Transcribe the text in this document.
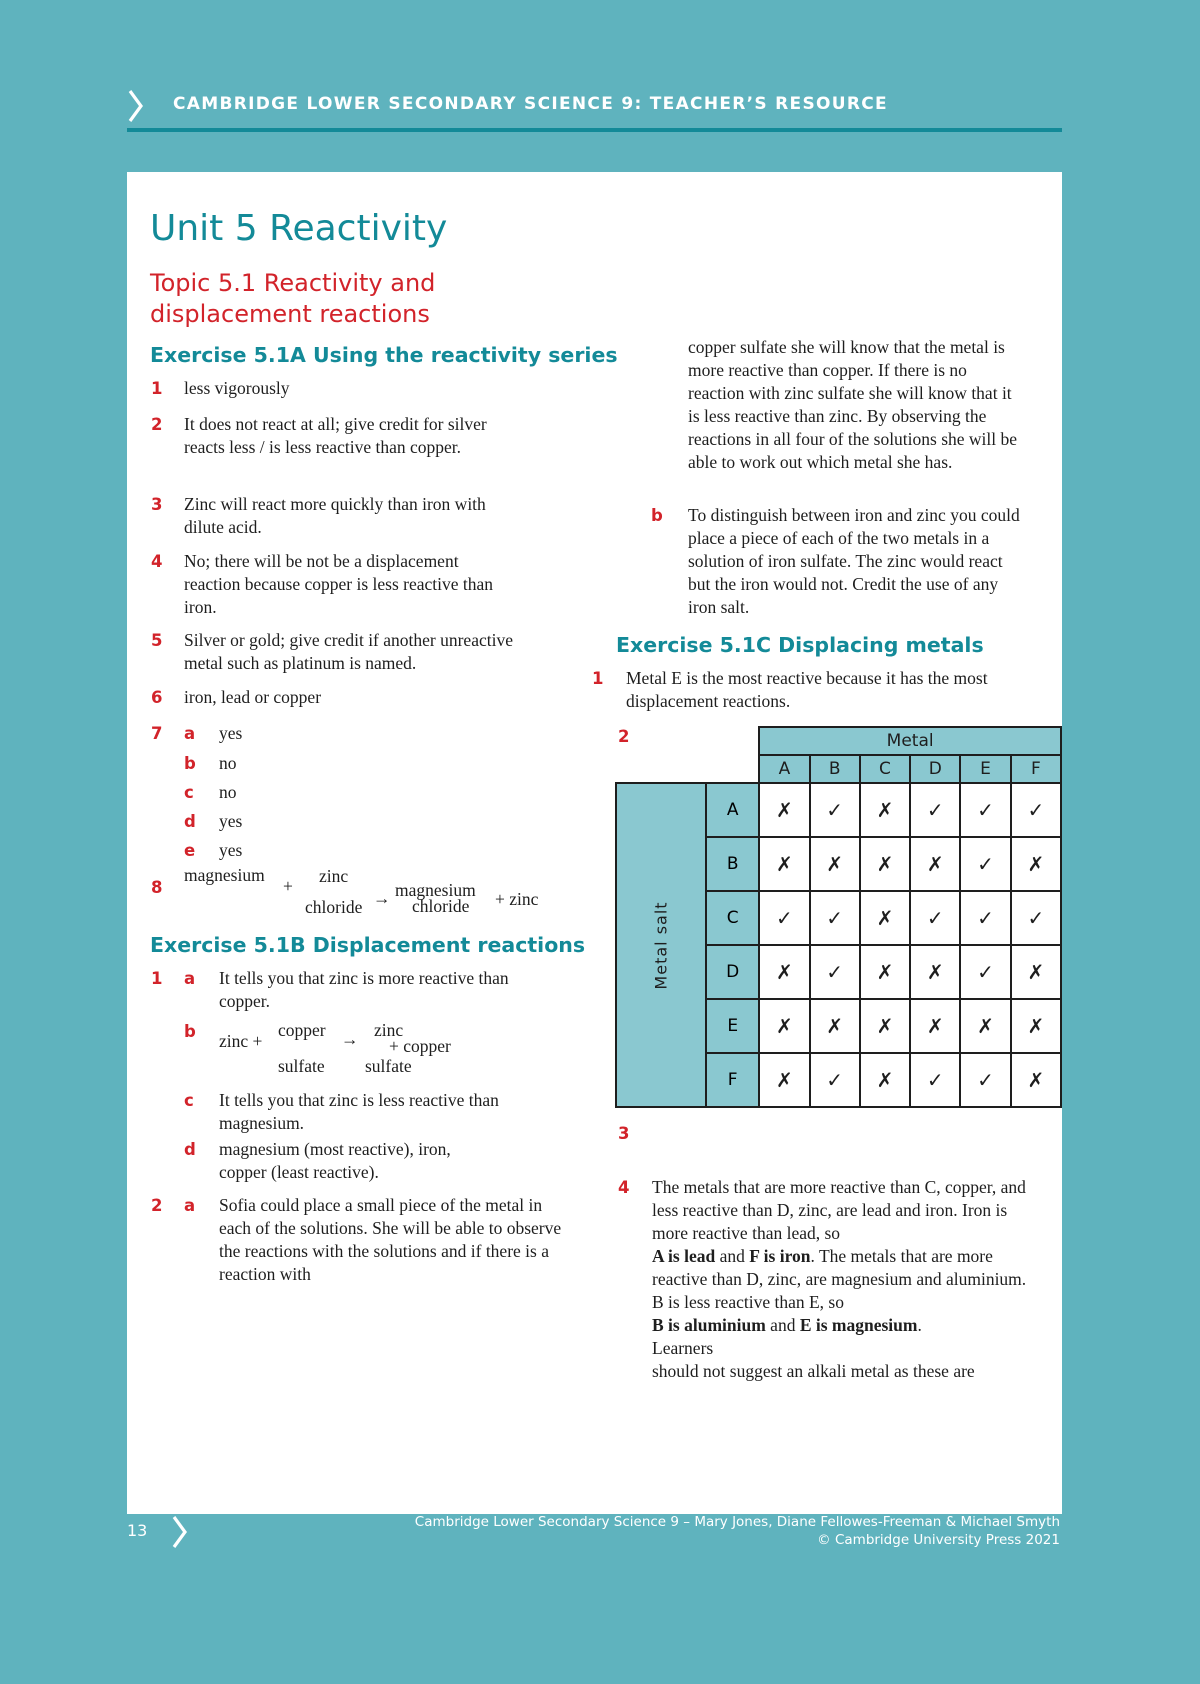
CAMBRIDGE LOWER SECONDARY SCIENCE 9: TEACHER’S RESOURCE
Unit 5 Reactivity
Topic 5.1 Reactivity and displacement reactions
Exercise 5.1A Using the reactivity series
1 less vigorously
2 It does not react at all; give credit for silver reacts less / is less reactive than copper.
3 Zinc will react more quickly than iron with dilute acid.
4 No; there will be not be a displacement reaction because copper is less reactive than iron.
5 Silver or gold; give credit if another unreactive metal such as platinum is named.
6 iron, lead or copper
7 a yes
b no
c no
d yes
e yes
8
magnesium
+ zinc
chloride → magnesium
chloride + zinc
Exercise 5.1B Displacement reactions
1 a It tells you that zinc is more reactive than copper.
b zinc +
copper
sulfate
→ zinc
sulfate
+ copper
c It tells you that zinc is less reactive than magnesium.
d magnesium (most reactive), iron, copper (least reactive).
2 a Sofia could place a small piece of the metal in each of the solutions. She will be able to observe the reactions with the solutions and if there is a reaction with
copper sulfate she will know that the metal is more reactive than copper. If there is no reaction with zinc sulfate she will know that it is less reactive than zinc. By observing the reactions in all four of the solutions she will be able to work out which metal she has.
b To distinguish between iron and zinc you could place a piece of each of the two metals in a solution of iron sulfate. The zinc would react but the iron would not. Credit the use of any iron salt.
Exercise 5.1C Displacing metals
1 Metal E is the most reactive because it has the most displacement reactions.
2
		Metal					
		A	B	C	D	E	F
Metal salt	A	✗	✓	✗	✓	✓	✓
	B	✗	✗	✗	✗	✓	✗
	C	✓	✓	✗	✓	✓	✓
	D	✗	✓	✗	✗	✓	✗
	E	✗	✗	✗	✗	✗	✗
	F	✗	✓	✗	✓	✓	✗
3
4 The metals that are more reactive than C, copper, and less reactive than D, zinc, are lead and iron. Iron is more reactive than lead, so
A is lead and F is iron. The metals that are more reactive than D, zinc, are magnesium and aluminium. B is less reactive than E, so
B is aluminium and E is magnesium.
Learners
should not suggest an alkali metal as these are
13	Cambridge Lower Secondary Science 9 – Mary Jones, Diane Fellowes-Freeman & Michael Smyth
© Cambridge University Press 2021
